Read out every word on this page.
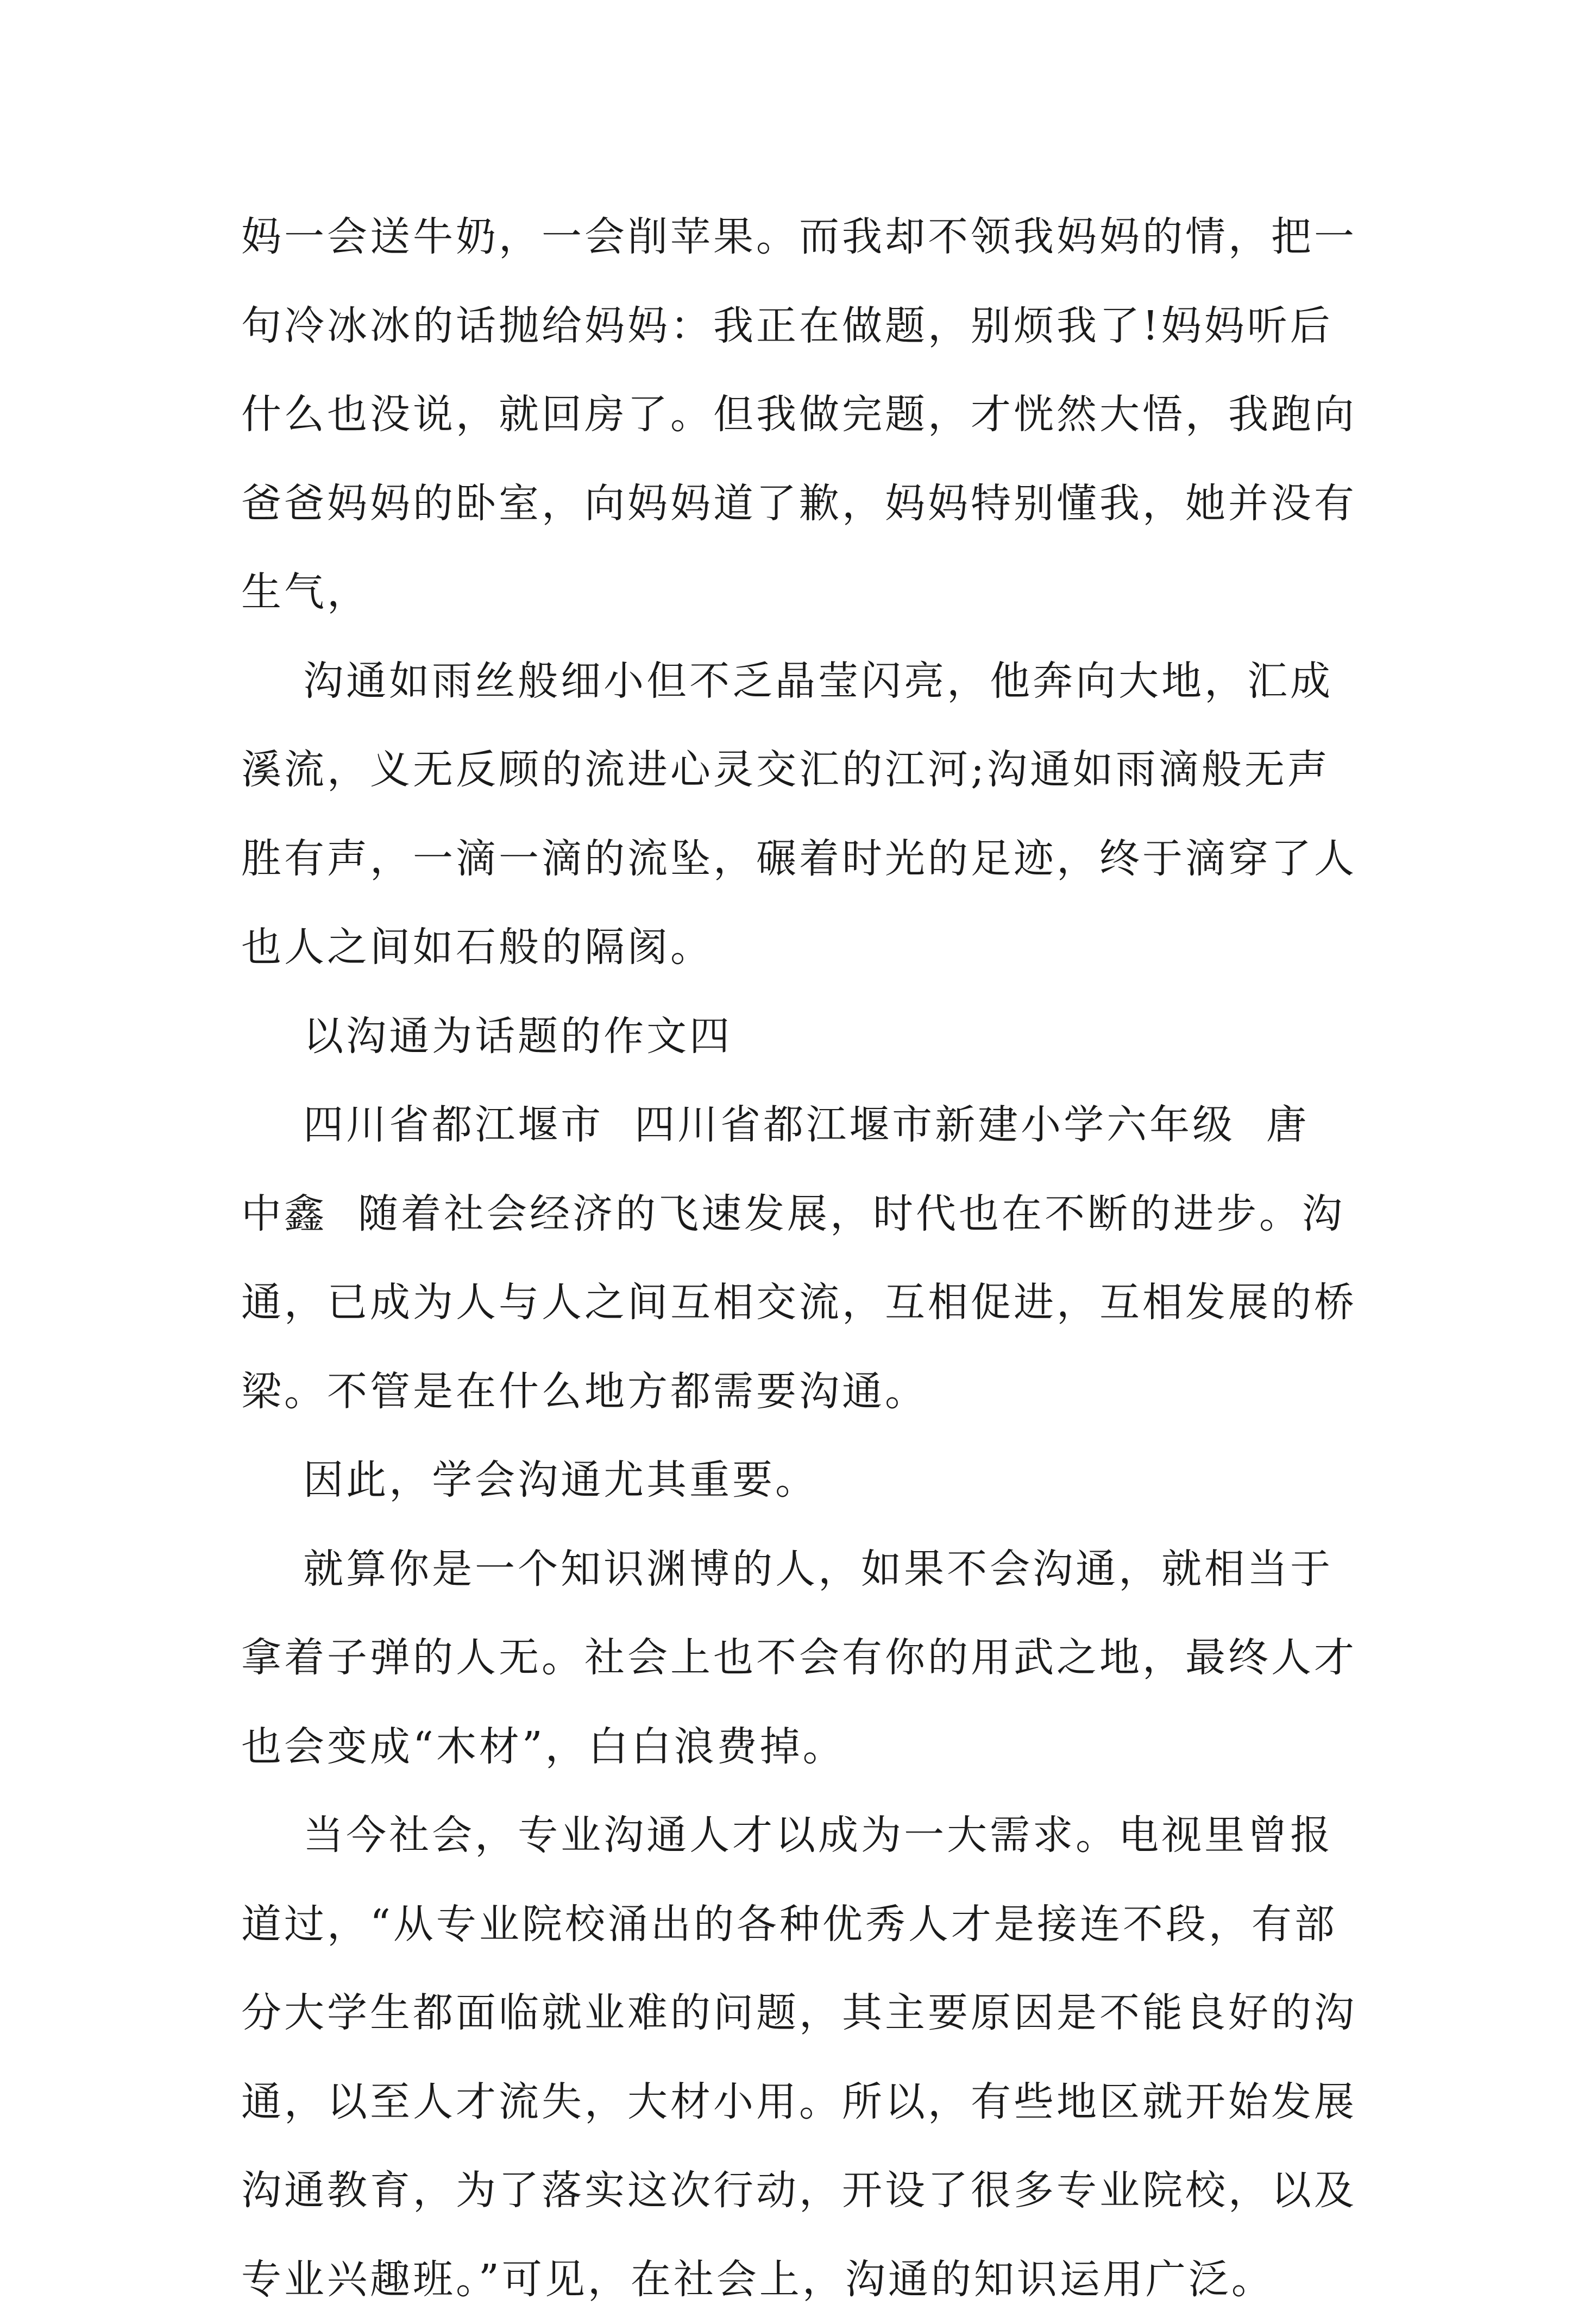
妈一会送牛奶，一会削苹果。而我却不领我妈妈的情，把一

句冷冰冰的话抛给妈妈：我正在做题，别烦我了!妈妈听后

什么也没说，就回房了。但我做完题，才恍然大悟，我跑向

爸爸妈妈的卧室，向妈妈道了歉，妈妈特别懂我，她并没有

生气，

沟通如雨丝般细小但不乏晶莹闪亮，他奔向大地，汇成

溪流，义无反顾的流进心灵交汇的江河;沟通如雨滴般无声

胜有声，一滴一滴的流坠，碾着时光的足迹，终于滴穿了人

也人之间如石般的隔阂。

以沟通为话题的作文四

四川省都江堰市  四川省都江堰市新建小学六年级  唐

中鑫  随着社会经济的飞速发展，时代也在不断的进步。沟

通，已成为人与人之间互相交流，互相促进，互相发展的桥

梁。不管是在什么地方都需要沟通。

因此，学会沟通尤其重要。

就算你是一个知识渊博的人，如果不会沟通，就相当于

拿着子弹的人无。社会上也不会有你的用武之地，最终人才

也会变成“木材”，白白浪费掉。

当今社会，专业沟通人才以成为一大需求。电视里曾报

道过，“从专业院校涌出的各种优秀人才是接连不段，有部

分大学生都面临就业难的问题，其主要原因是不能良好的沟

通，以至人才流失，大材小用。所以，有些地区就开始发展

沟通教育，为了落实这次行动，开设了很多专业院校，以及

专业兴趣班。”可见，在社会上，沟通的知识运用广泛。
